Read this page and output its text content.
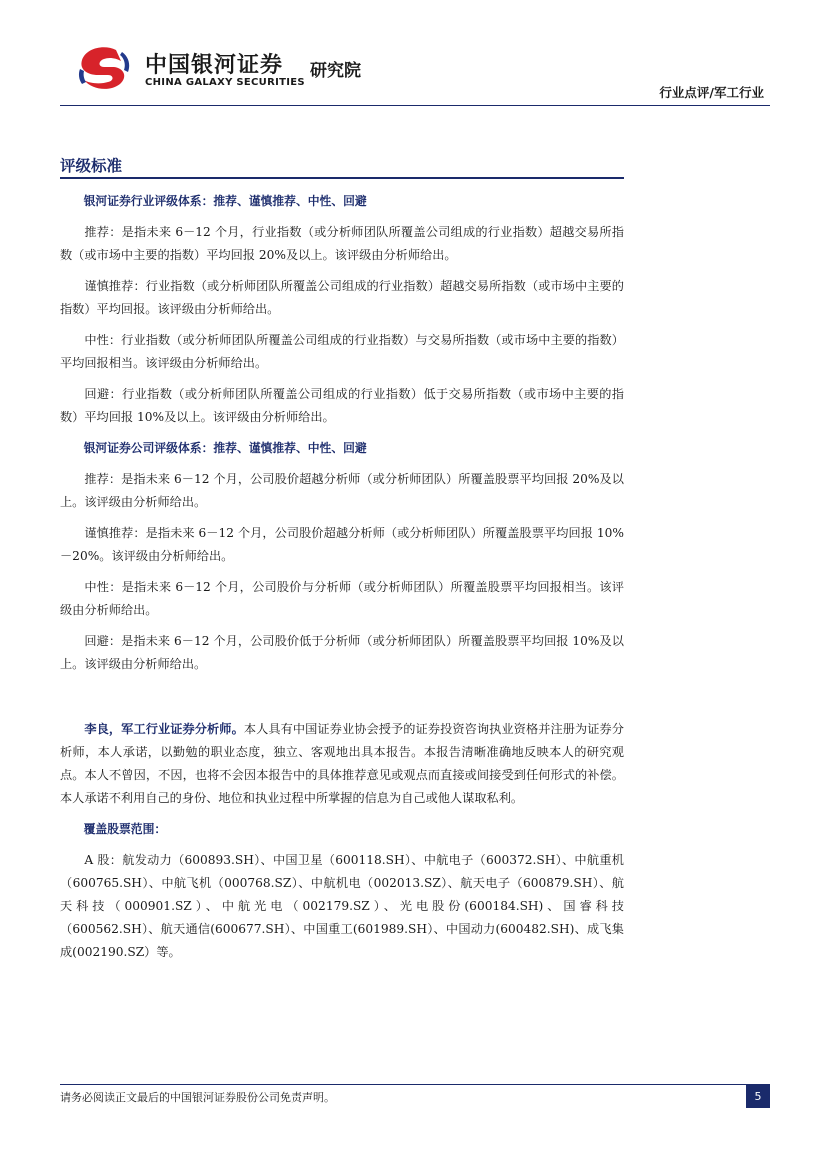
中国银河证券 研究院
CHINA GALAXY SECURITIES
行业点评/军工行业
评级标准

银河证券行业评级体系：推荐、谨慎推荐、中性、回避

推荐：是指未来 6－12 个月，行业指数（或分析师团队所覆盖公司组成的行业指数）超越交易所指数（或市场中主要的指数）平均回报 20%及以上。该评级由分析师给出。

谨慎推荐：行业指数（或分析师团队所覆盖公司组成的行业指数）超越交易所指数（或市场中主要的指数）平均回报。该评级由分析师给出。

中性：行业指数（或分析师团队所覆盖公司组成的行业指数）与交易所指数（或市场中主要的指数）平均回报相当。该评级由分析师给出。

回避：行业指数（或分析师团队所覆盖公司组成的行业指数）低于交易所指数（或市场中主要的指数）平均回报 10%及以上。该评级由分析师给出。

银河证券公司评级体系：推荐、谨慎推荐、中性、回避

推荐：是指未来 6－12 个月，公司股价超越分析师（或分析师团队）所覆盖股票平均回报 20%及以上。该评级由分析师给出。

谨慎推荐：是指未来 6－12 个月，公司股价超越分析师（或分析师团队）所覆盖股票平均回报 10%－20%。该评级由分析师给出。

中性：是指未来 6－12 个月，公司股价与分析师（或分析师团队）所覆盖股票平均回报相当。该评级由分析师给出。

回避：是指未来 6－12 个月，公司股价低于分析师（或分析师团队）所覆盖股票平均回报 10%及以上。该评级由分析师给出。

李良，军工行业证券分析师。本人具有中国证券业协会授予的证券投资咨询执业资格并注册为证券分析师，本人承诺，以勤勉的职业态度，独立、客观地出具本报告。本报告清晰准确地反映本人的研究观点。本人不曾因，不因，也将不会因本报告中的具体推荐意见或观点而直接或间接受到任何形式的补偿。本人承诺不利用自己的身份、地位和执业过程中所掌握的信息为自己或他人谋取私利。

覆盖股票范围：

A 股：航发动力（600893.SH）、中国卫星（600118.SH）、中航电子（600372.SH）、中航重机（600765.SH）、中航飞机（000768.SZ）、中航机电（002013.SZ）、航天电子（600879.SH）、航天科技（000901.SZ）、中航光电（002179.SZ）、光电股份(600184.SH)、国睿科技（600562.SH）、航天通信(600677.SH）、中国重工(601989.SH）、中国动力(600482.SH)、成飞集成(002190.SZ）等。

请务必阅读正文最后的中国银河证券股份公司免责声明。	5
